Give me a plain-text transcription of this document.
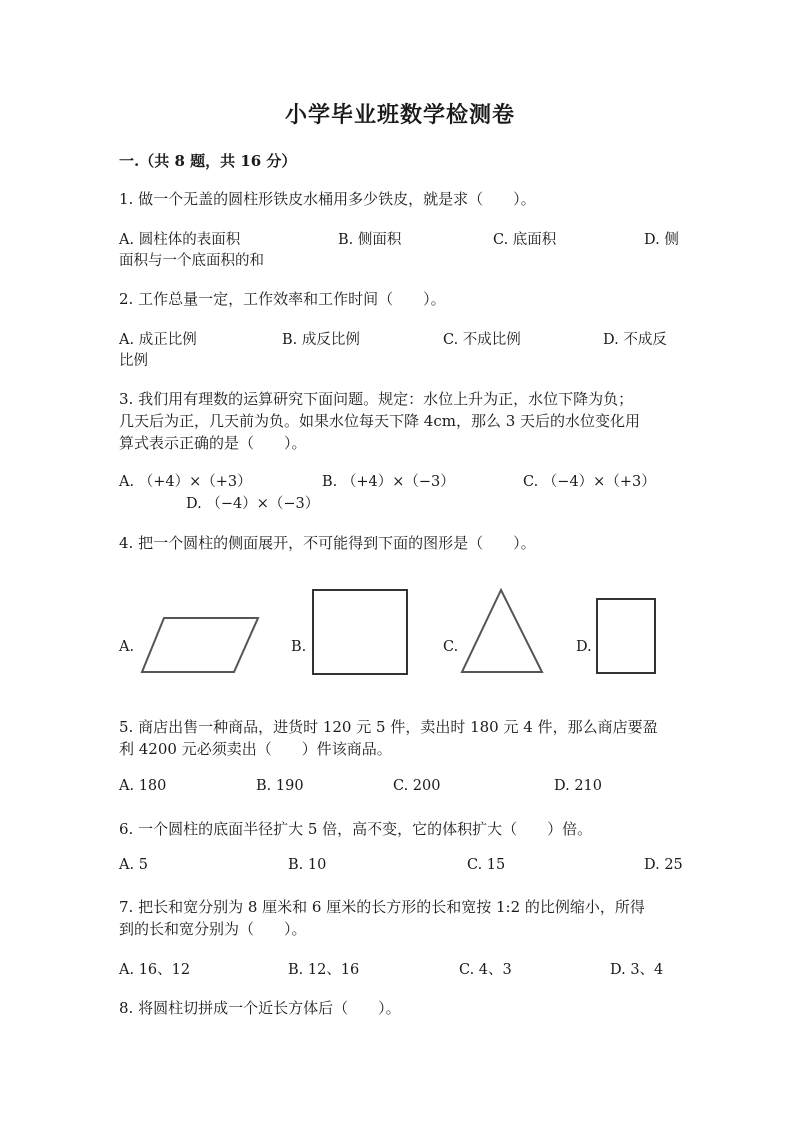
小学毕业班数学检测卷
一.（共 8 题，共 16 分）
1. 做一个无盖的圆柱形铁皮水桶用多少铁皮，就是求（　　）。
A. 圆柱体的表面积	B. 侧面积	C. 底面积	D. 侧
面积与一个底面积的和
2. 工作总量一定，工作效率和工作时间（　　）。
A. 成正比例	B. 成反比例	C. 不成比例	D. 不成反
比例
3. 我们用有理数的运算研究下面问题。规定：水位上升为正，水位下降为负；
几天后为正，几天前为负。如果水位每天下降 4cm，那么 3 天后的水位变化用
算式表示正确的是（　　）。
A. （+4）×（+3）	B. （+4）×（−3）	C. （−4）×（+3）
D. （−4）×（−3）
4. 把一个圆柱的侧面展开，不可能得到下面的图形是（　　）。
A.	B.	C.	D.
5. 商店出售一种商品，进货时 120 元 5 件，卖出时 180 元 4 件，那么商店要盈
利 4200 元必须卖出（　　）件该商品。
A. 180	B. 190	C. 200	D. 210
6. 一个圆柱的底面半径扩大 5 倍，高不变，它的体积扩大（　　）倍。
A. 5	B. 10	C. 15	D. 25
7. 把长和宽分别为 8 厘米和 6 厘米的长方形的长和宽按 1:2 的比例缩小，所得
到的长和宽分别为（　　）。
A. 16、12	B. 12、16	C. 4、3	D. 3、4
8. 将圆柱切拼成一个近长方体后（　　）。
